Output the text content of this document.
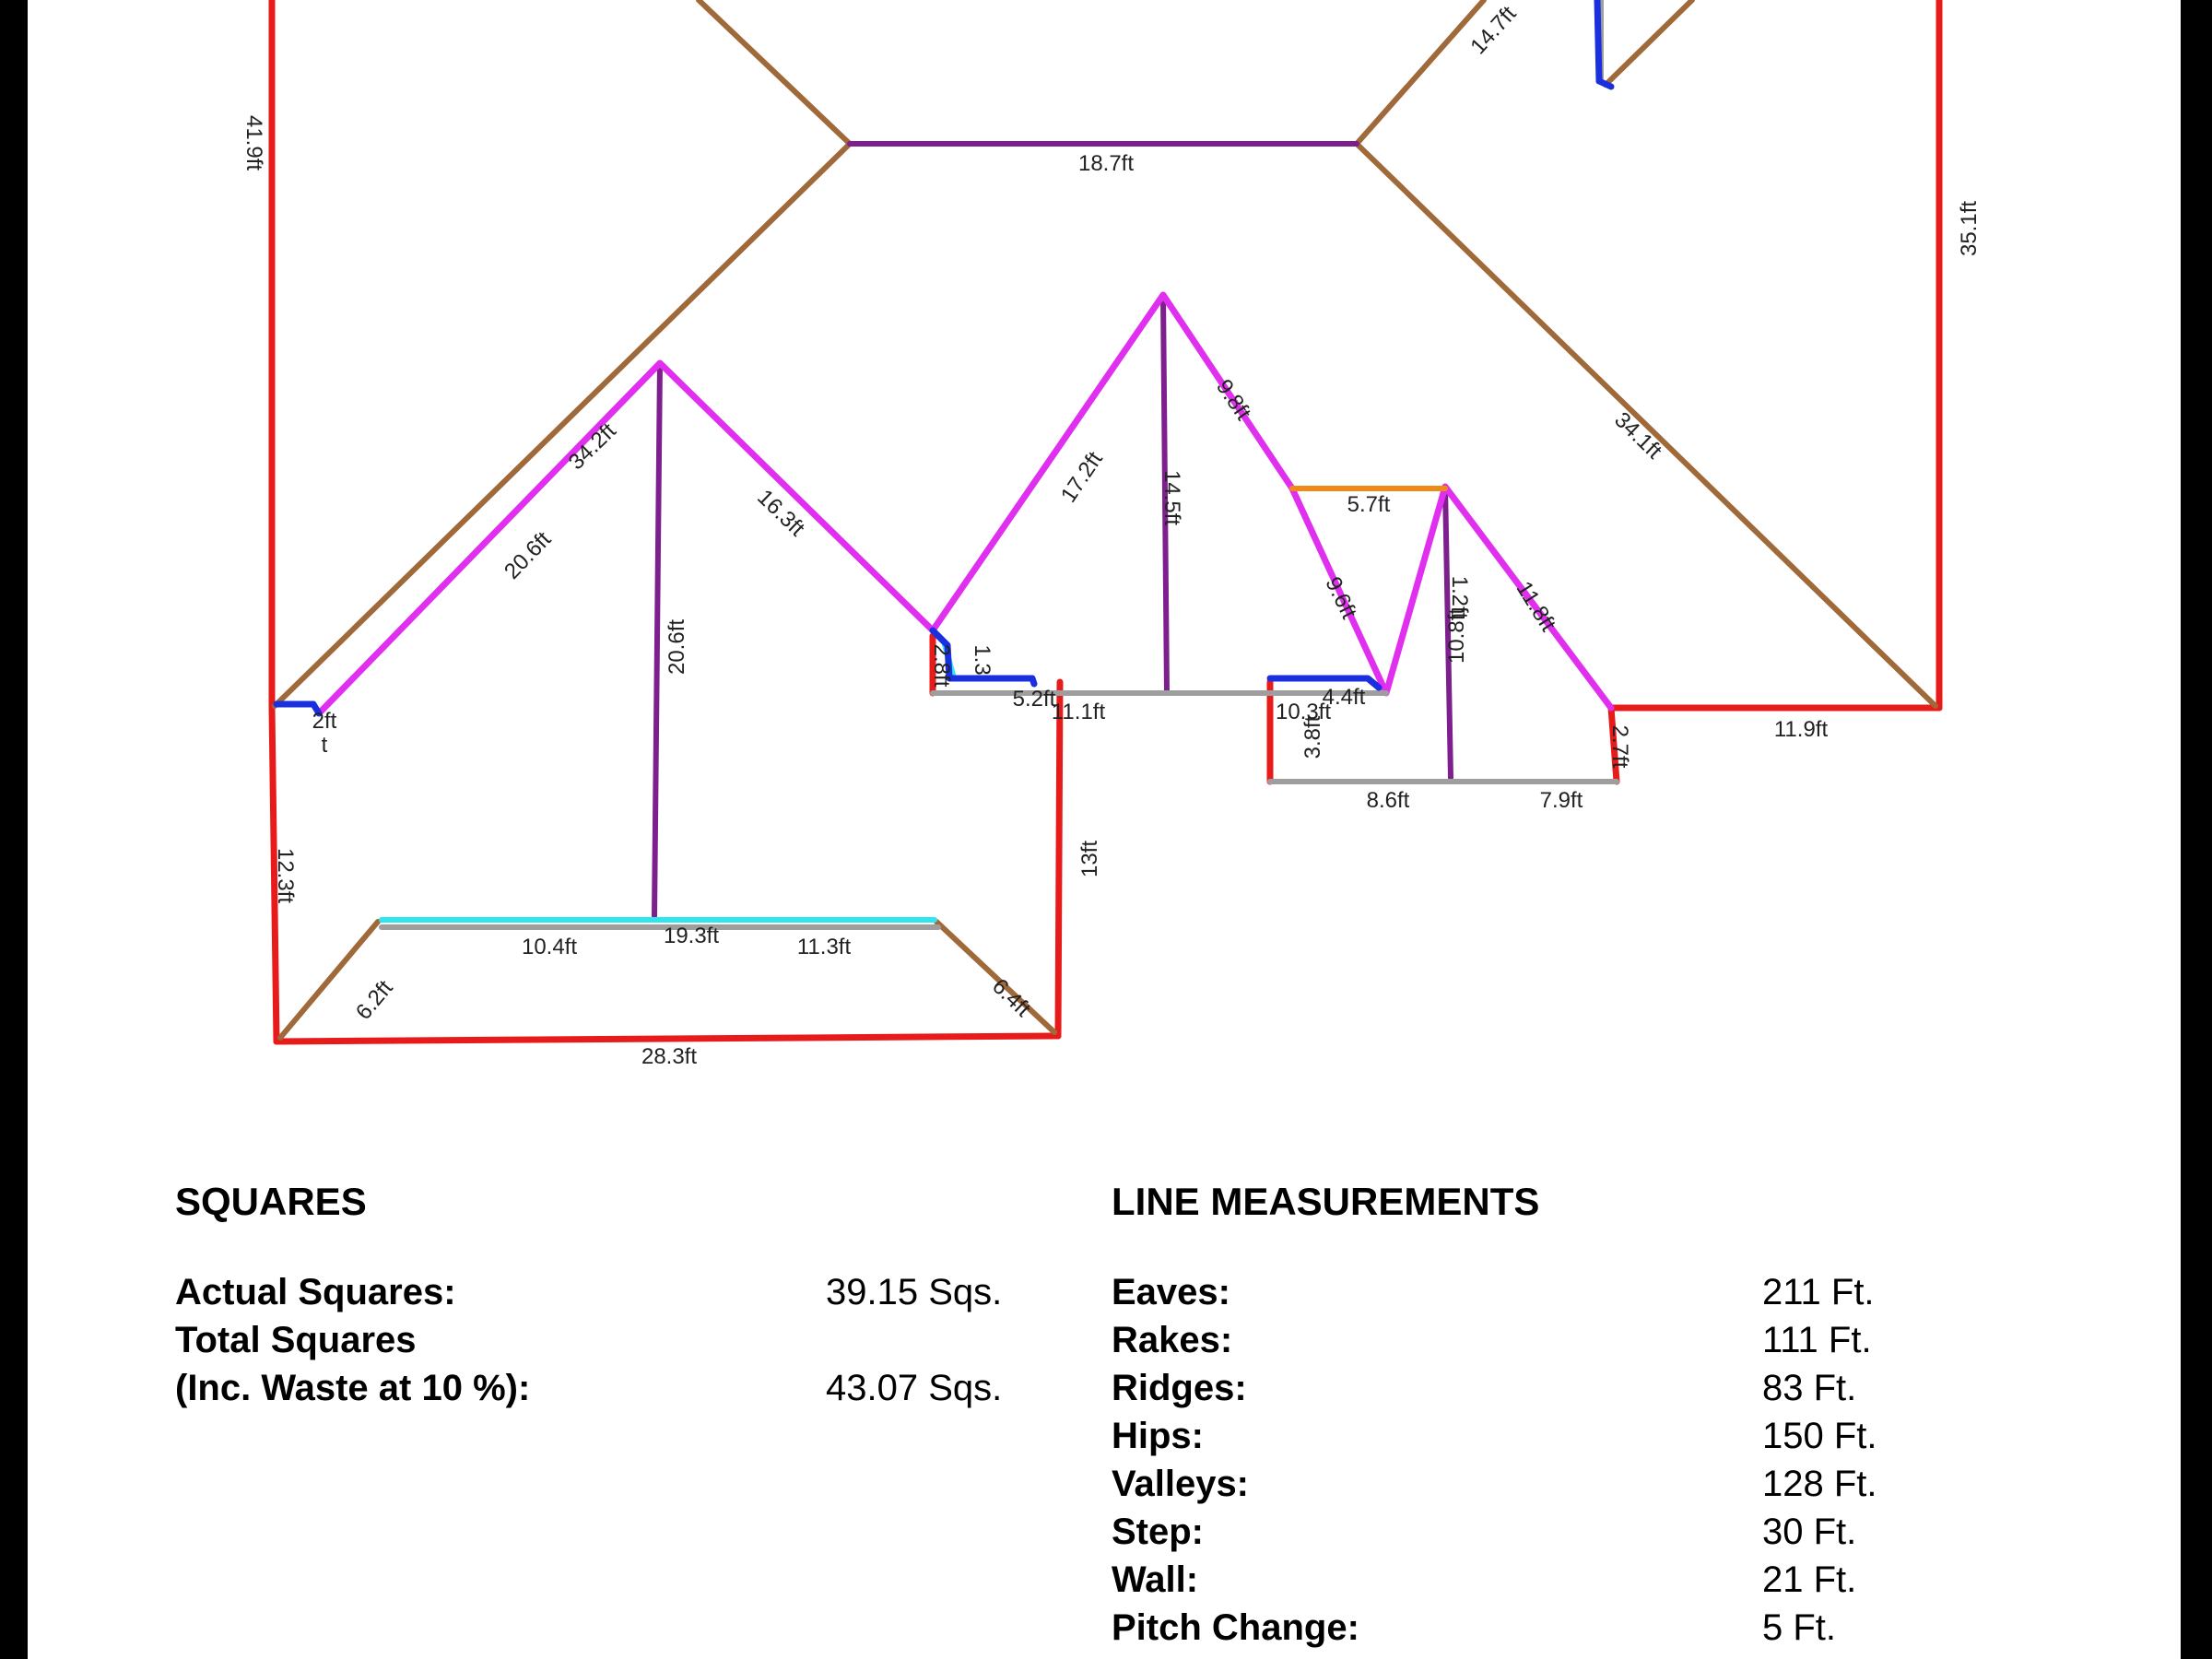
41.9ft	18.7ft
14.7ft
35.1ft
34.1ft
34.2ft
20.6ft
20.6ft
16.3ft
17.2ft 14.5ft
9.8ft
5.7ft
9.6ft	1.2ft
10.8ft
11.8ft
2.8ft 1.3
5.2ft
11.1ft	10.3ft
4.4ft
3.8ft	2.7ft	11.9ft
8.6ft	7.9ft
2ft
t
12.3ft	13ft
10.4ft	19.3ft	11.3ft
6.2ft	6.4ft
28.3ft
SQUARES
Actual Squares:	39.15 Sqs.
Total Squares
(Inc. Waste at 10 %):	43.07 Sqs.
LINE MEASUREMENTS
Eaves:	211 Ft.
Rakes:	111 Ft.
Ridges:	83 Ft.
Hips:	150 Ft.
Valleys:	128 Ft.
Step:	30 Ft.
Wall:	21 Ft.
Pitch Change:	5 Ft.
